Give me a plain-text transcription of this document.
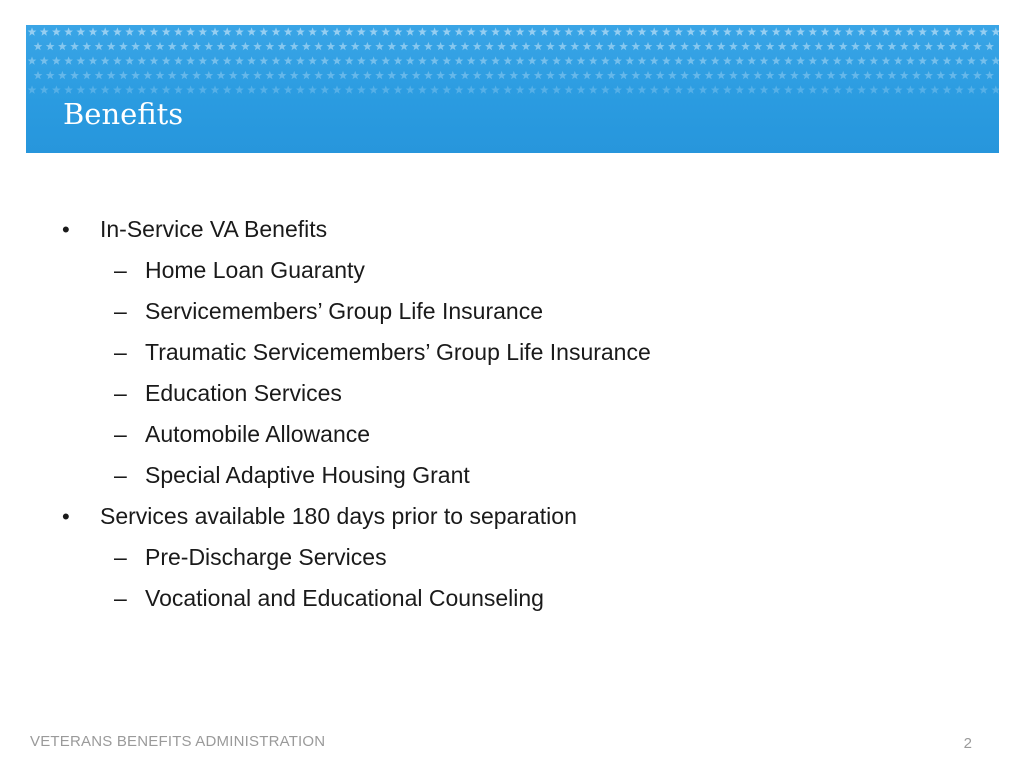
Benefits
• In-Service VA Benefits
– Home Loan Guaranty
– Servicemembers’ Group Life Insurance
– Traumatic Servicemembers’ Group Life Insurance
– Education Services
– Automobile Allowance
– Special Adaptive Housing Grant
• Services available 180 days prior to separation
– Pre-Discharge Services
– Vocational and Educational Counseling
VETERANS BENEFITS ADMINISTRATION	2
